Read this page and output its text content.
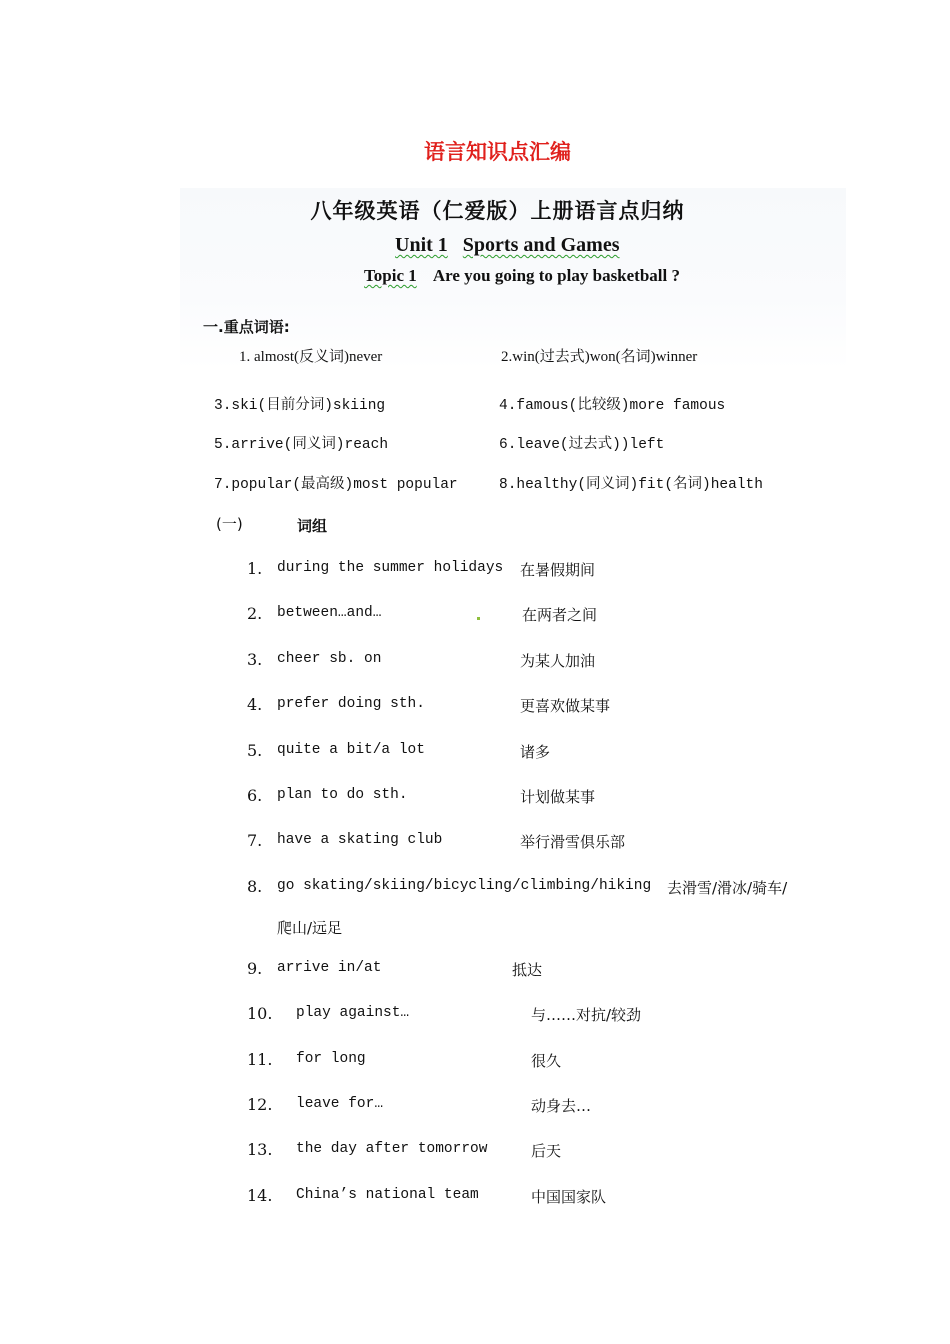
语言知识点汇编
八年级英语（仁爱版）上册语言点归纳
Unit 1 Sports and Games
Topic 1 Are you going to play basketball ?
一.重点词语:
1. almost(反义词)never	2.win(过去式)won(名词)winner
3.ski(目前分词)skiing	4.famous(比较级)more famous
5.arrive(同义词)reach	6.leave(过去式))left
7.popular(最高级)most popular	8.healthy(同义词)fit(名词)health
(一)	词组
1. during the summer holidays 在暑假期间
2. between…and…	在两者之间
3. cheer sb. on	为某人加油
4. prefer doing sth.	更喜欢做某事
5. quite a bit/a lot	诸多
6. plan to do sth.	计划做某事
7. have a skating club	举行滑雪俱乐部
8. go skating/skiing/bicycling/climbing/hiking 去滑雪/滑冰/骑车/
爬山/远足
9. arrive in/at	抵达
10. play against…	与……对抗/较劲
11. for long	很久
12. leave for…	动身去…
13. the day after tomorrow	后天
14. China’s national team	中国国家队
